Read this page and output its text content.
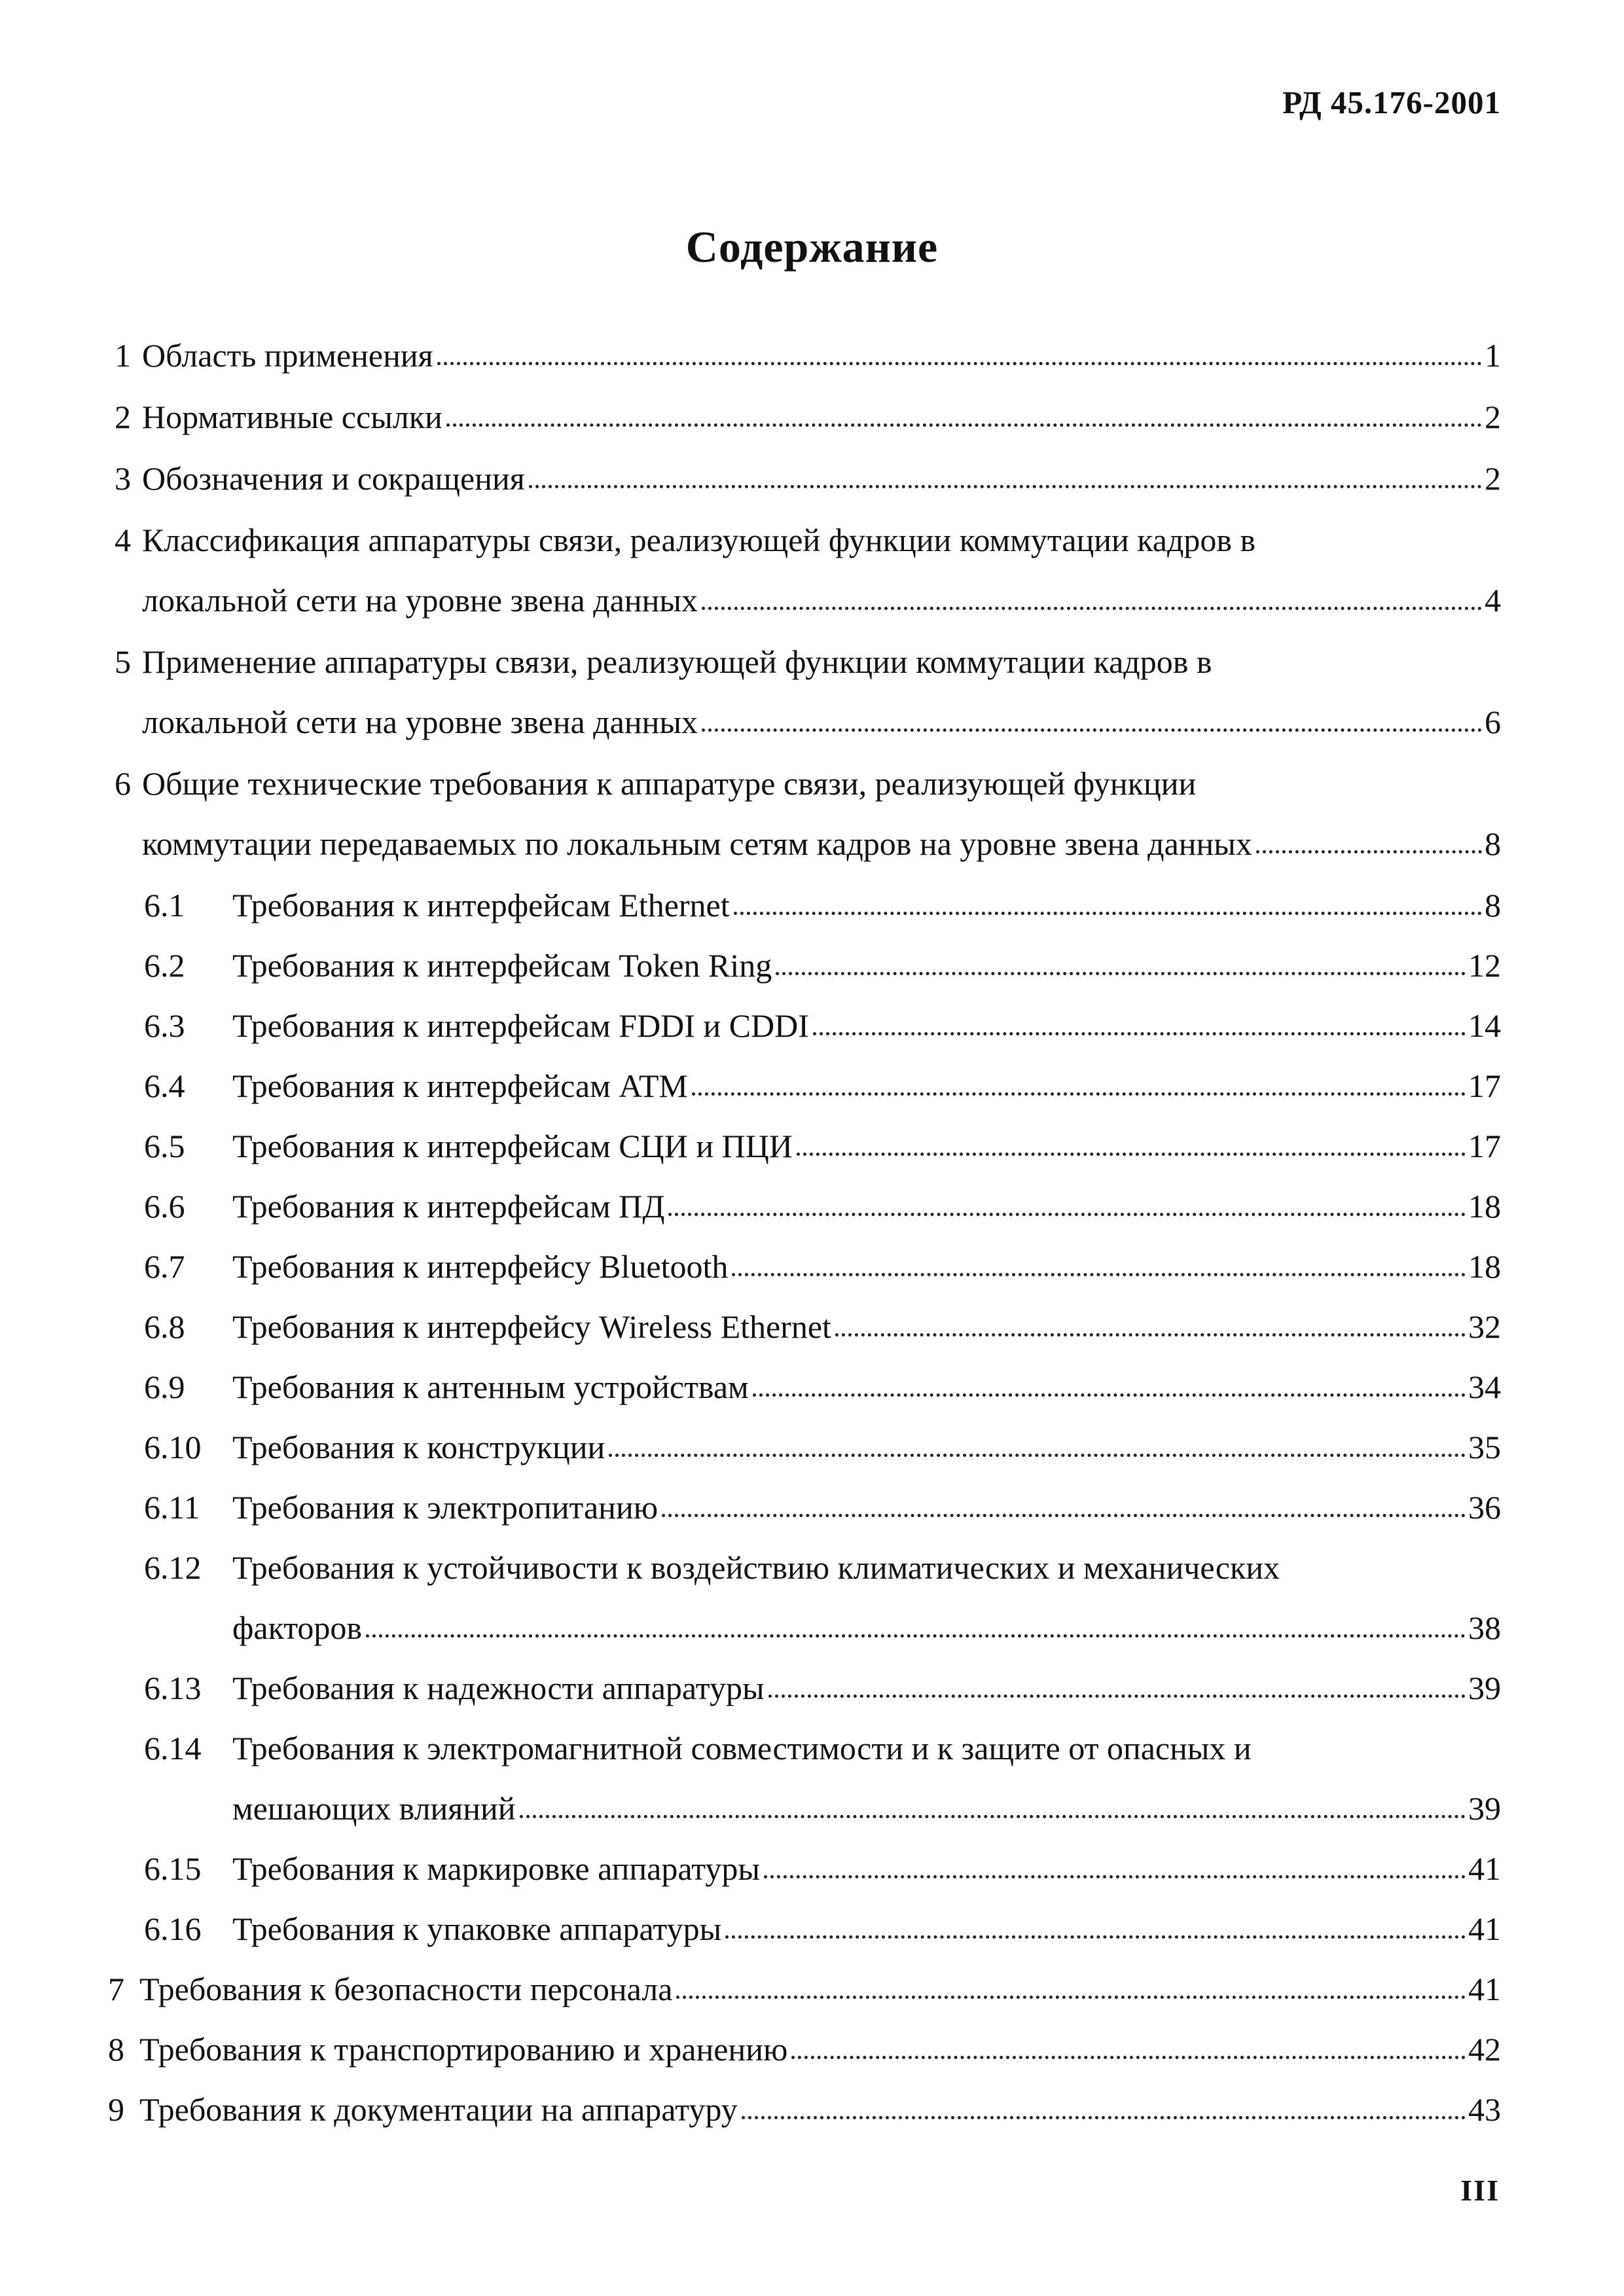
РД 45.176-2001
Содержание
1 Область применения	1
2 Нормативные ссылки	2
3 Обозначения и сокращения	2
4 Классификация аппаратуры связи, реализующей функции коммутации кадров в
локальной сети на уровне звена данных	4
5 Применение аппаратуры связи, реализующей функции коммутации кадров в
локальной сети на уровне звена данных	6
6 Общие технические требования к аппаратуре связи, реализующей функции
коммутации передаваемых по локальным сетям кадров на уровне звена данных	8
6.1	Требования к интерфейсам Ethernet	8
6.2	Требования к интерфейсам Token Ring	12
6.3	Требования к интерфейсам FDDI и CDDI	14
6.4	Требования к интерфейсам ATM	17
6.5	Требования к интерфейсам СЦИ и ПЦИ	17
6.6	Требования к интерфейсам ПД	18
6.7	Требования к интерфейсу Bluetooth	18
6.8	Требования к интерфейсу Wireless Ethernet	32
6.9	Требования к антенным устройствам	34
6.10 Требования к конструкции	35
6.11 Требования к электропитанию	36
6.12 Требования к устойчивости к воздействию климатических и механических
факторов	38
6.13 Требования к надежности аппаратуры	39
6.14 Требования к электромагнитной совместимости и к защите от опасных и
мешающих влияний	39
6.15 Требования к маркировке аппаратуры	41
6.16 Требования к упаковке аппаратуры	41
7 Требования к безопасности персонала	41
8 Требования к транспортированию и хранению	42
9 Требования к документации на аппаратуру	43
III
